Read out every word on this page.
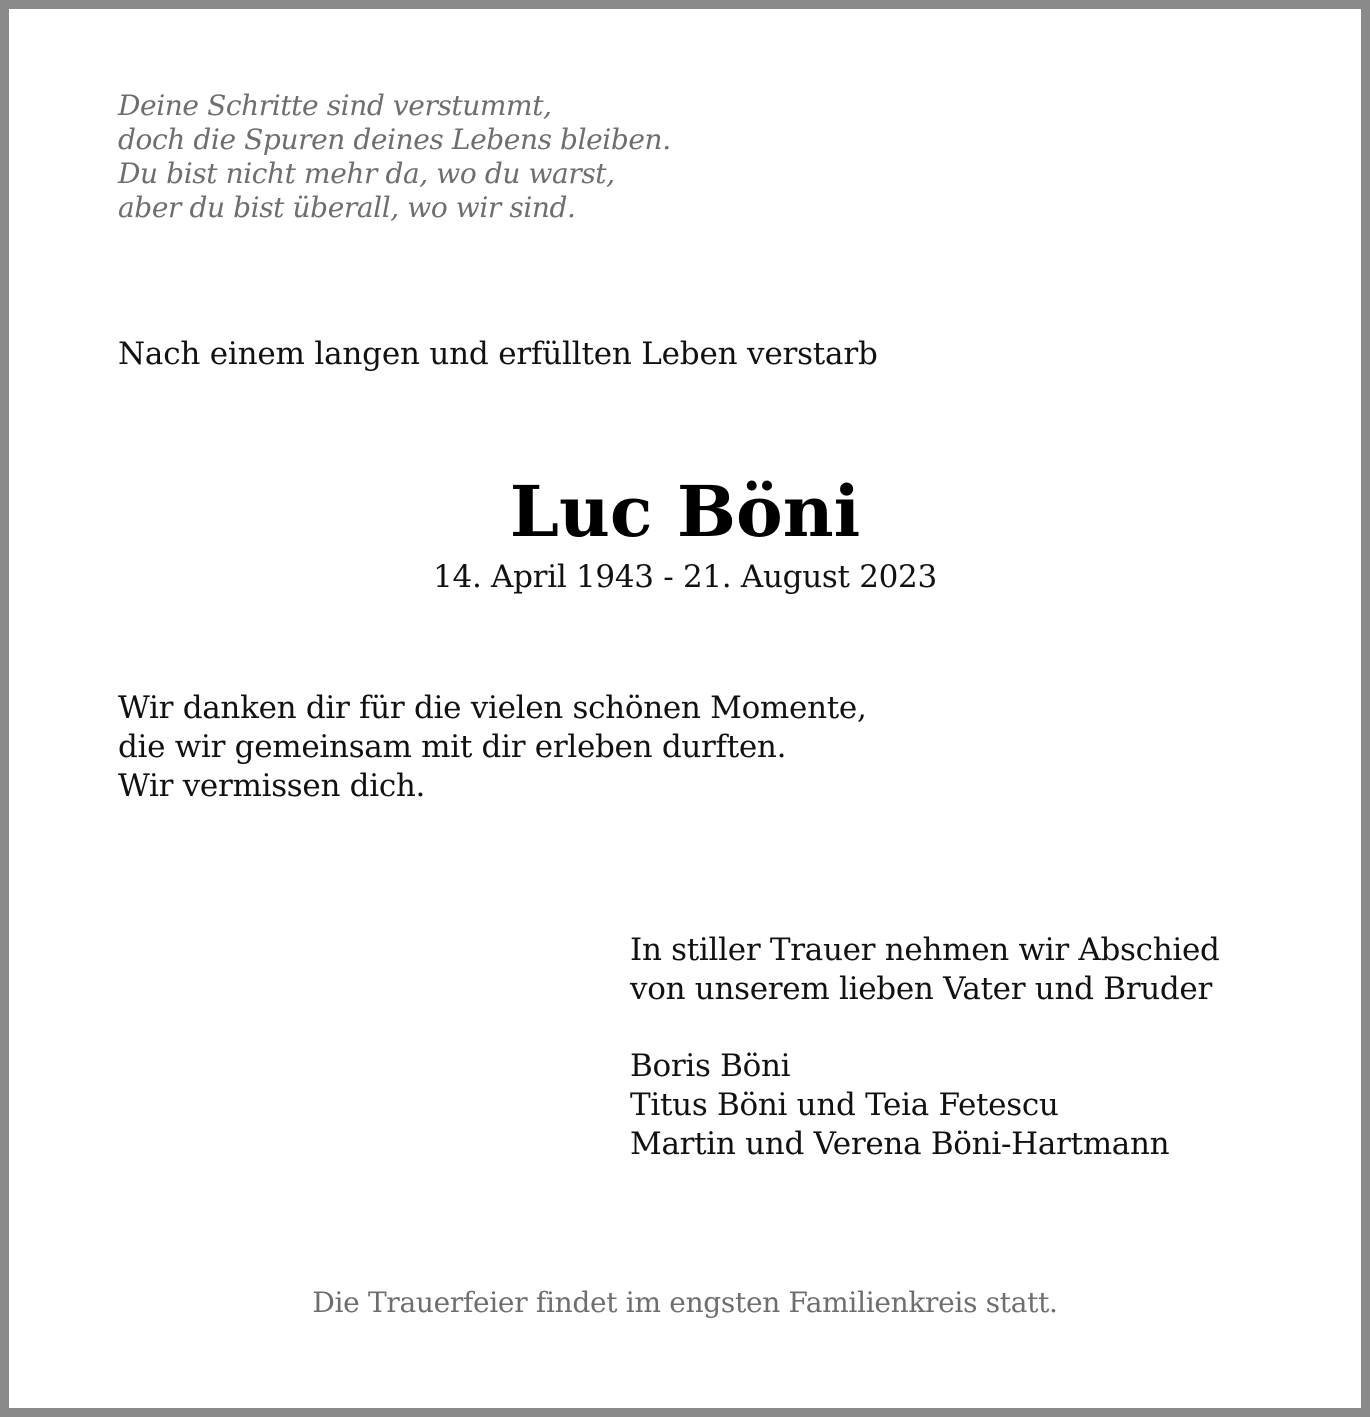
Deine Schritte sind verstummt,
doch die Spuren deines Lebens bleiben.
Du bist nicht mehr da, wo du warst,
aber du bist überall, wo wir sind.
Nach einem langen und erfüllten Leben verstarb
Luc Böni
14. April 1943 - 21. August 2023
Wir danken dir für die vielen schönen Momente,
die wir gemeinsam mit dir erleben durften.
Wir vermissen dich.
In stiller Trauer nehmen wir Abschied
von unserem lieben Vater und Bruder
Boris Böni
Titus Böni und Teia Fetescu
Martin und Verena Böni-Hartmann
Die Trauerfeier findet im engsten Familienkreis statt.
